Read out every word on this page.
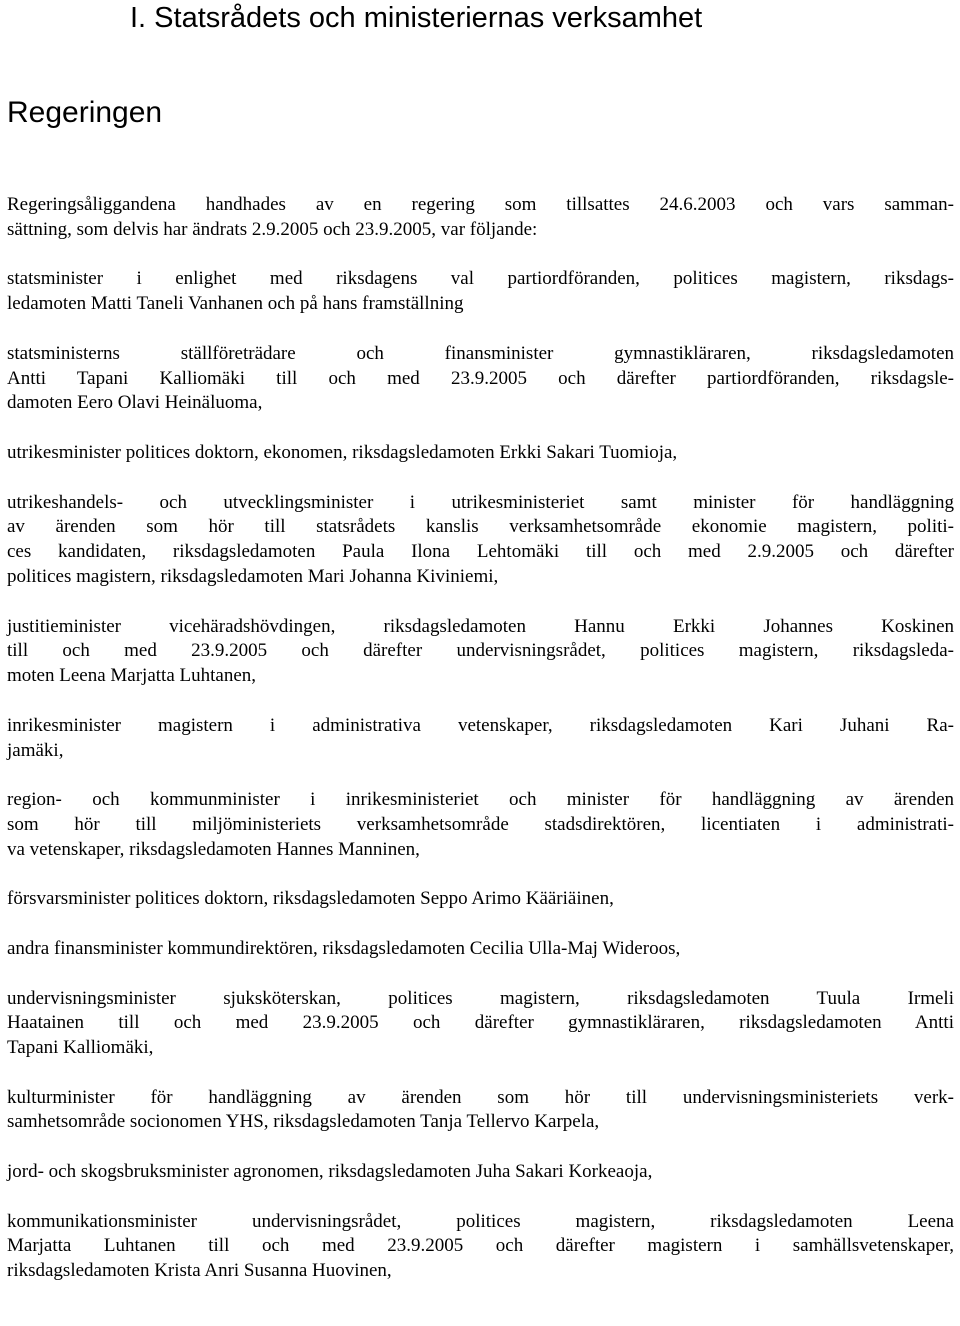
I. Statsrådets och ministeriernas verksamhet
Regeringen

Regeringsåliggandena handhades av en regering som tillsattes 24.6.2003 och vars samman-
sättning, som delvis har ändrats 2.9.2005 och 23.9.2005, var följande:

statsminister i enlighet med riksdagens val partiordföranden, politices magistern, riksdags-
ledamoten Matti Taneli Vanhanen och på hans framställning

statsministerns ställföreträdare och finansminister gymnastikläraren, riksdagsledamoten
Antti Tapani Kalliomäki till och med 23.9.2005 och därefter partiordföranden, riksdagsle-
damoten Eero Olavi Heinäluoma,

utrikesminister politices doktorn, ekonomen, riksdagsledamoten Erkki Sakari Tuomioja,

utrikeshandels- och utvecklingsminister i utrikesministeriet samt minister för handläggning
av ärenden som hör till statsrådets kanslis verksamhetsområde ekonomie magistern, politi-
ces kandidaten, riksdagsledamoten Paula Ilona Lehtomäki till och med 2.9.2005 och därefter
politices magistern, riksdagsledamoten Mari Johanna Kiviniemi,

justitieminister vicehäradshövdingen, riksdagsledamoten Hannu Erkki Johannes Koskinen
till och med 23.9.2005 och därefter undervisningsrådet, politices magistern, riksdagsleda-
moten Leena Marjatta Luhtanen,

inrikesminister magistern i administrativa vetenskaper, riksdagsledamoten Kari Juhani Ra-
jamäki,

region- och kommunminister i inrikesministeriet och minister för handläggning av ärenden
som hör till miljöministeriets verksamhetsområde stadsdirektören, licentiaten i administrati-
va vetenskaper, riksdagsledamoten Hannes Manninen,

försvarsminister politices doktorn, riksdagsledamoten Seppo Arimo Kääriäinen,

andra finansminister kommundirektören, riksdagsledamoten Cecilia Ulla-Maj Wideroos,

undervisningsminister sjuksköterskan, politices magistern, riksdagsledamoten Tuula Irmeli
Haatainen till och med 23.9.2005 och därefter gymnastikläraren, riksdagsledamoten Antti
Tapani Kalliomäki,

kulturminister för handläggning av ärenden som hör till undervisningsministeriets verk-
samhetsområde socionomen YHS, riksdagsledamoten Tanja Tellervo Karpela,

jord- och skogsbruksminister agronomen, riksdagsledamoten Juha Sakari Korkeaoja,

kommunikationsminister undervisningsrådet, politices magistern, riksdagsledamoten Leena
Marjatta Luhtanen till och med 23.9.2005 och därefter magistern i samhällsvetenskaper,
riksdagsledamoten Krista Anri Susanna Huovinen,
